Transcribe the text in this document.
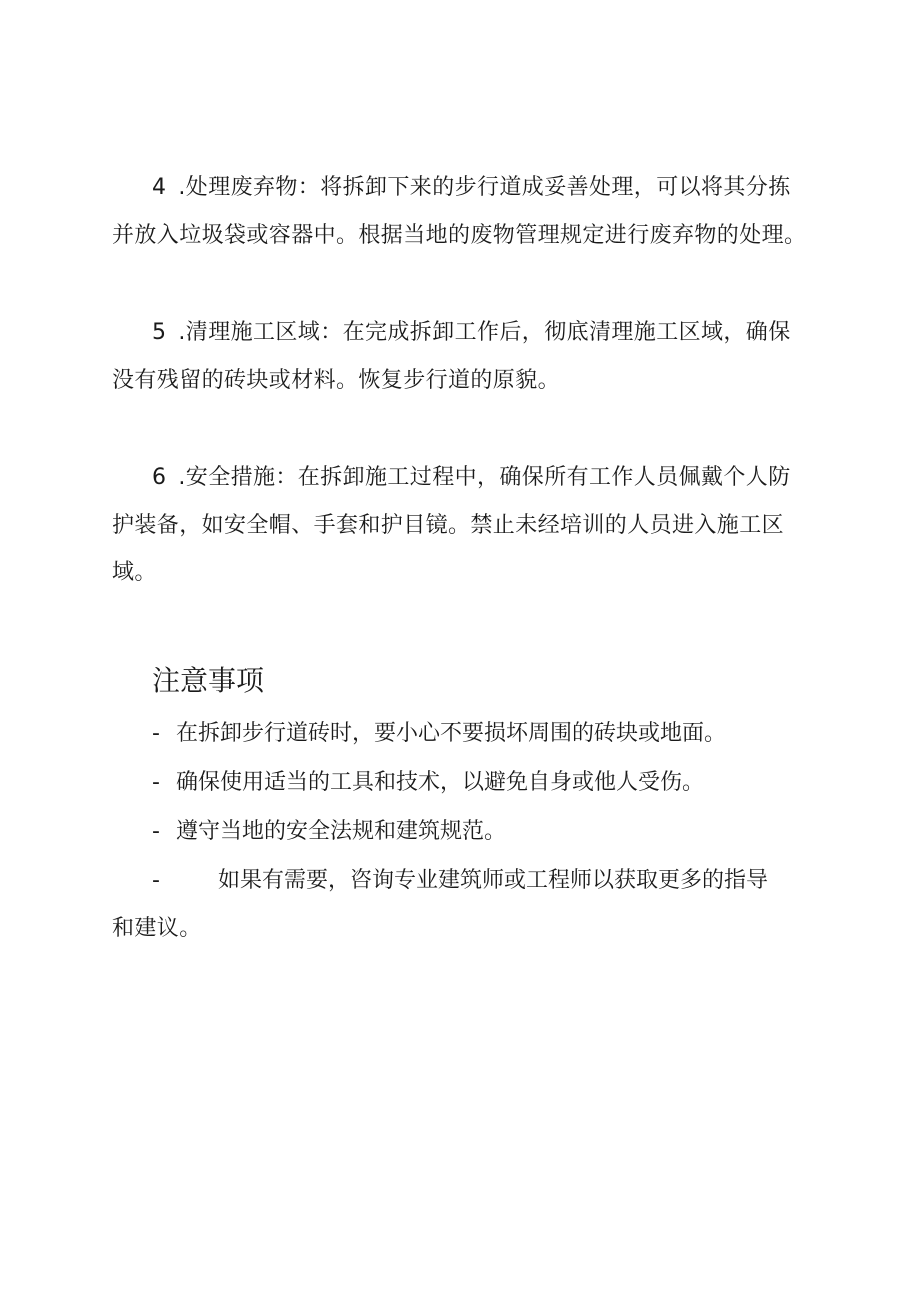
4 .处理废弃物：将拆卸下来的步行道成妥善处理，可以将其分拣
并放入垃圾袋或容器中。根据当地的废物管理规定进行废弃物的处理。
5 .清理施工区域：在完成拆卸工作后，彻底清理施工区域，确保
没有残留的砖块或材料。恢复步行道的原貌。
6 .安全措施：在拆卸施工过程中，确保所有工作人员佩戴个人防
护装备，如安全帽、手套和护目镜。禁止未经培训的人员进入施工区
域。
注意事项
- 在拆卸步行道砖时，要小心不要损坏周围的砖块或地面。
- 确保使用适当的工具和技术，以避免自身或他人受伤。
- 遵守当地的安全法规和建筑规范。
-	如果有需要，咨询专业建筑师或工程师以获取更多的指导
和建议。
